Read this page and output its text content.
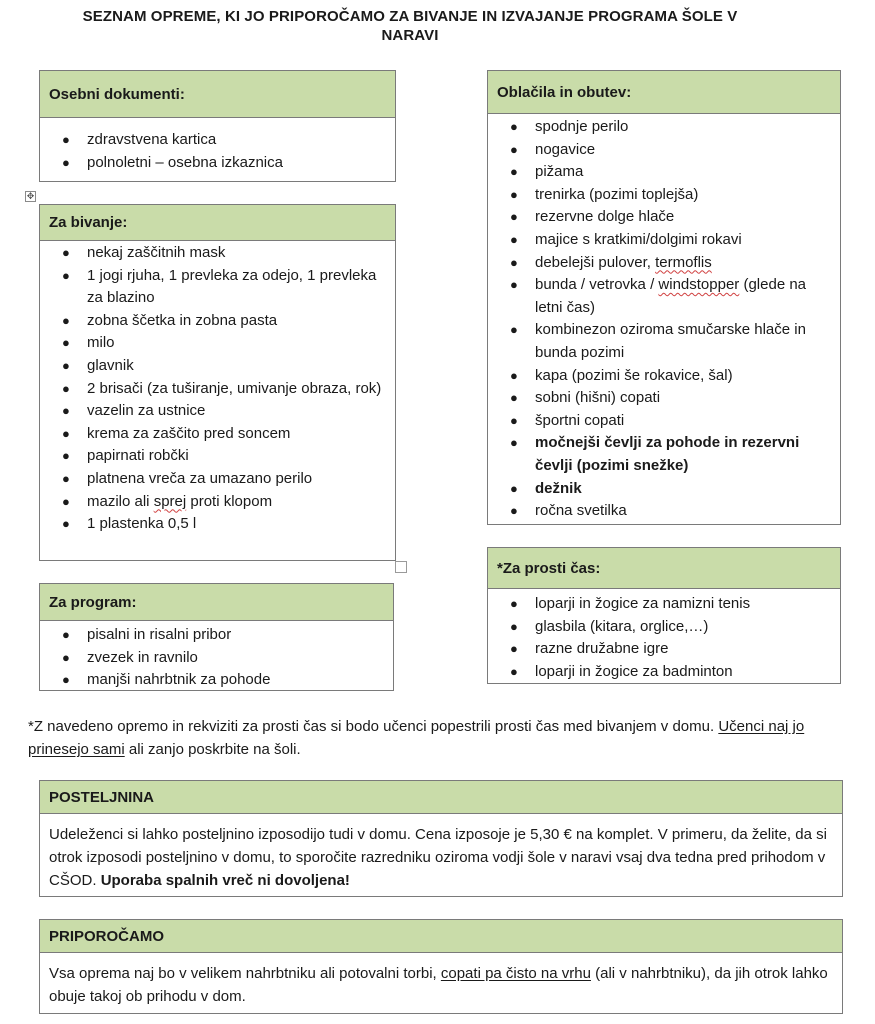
SEZNAM OPREME, KI JO PRIPOROČAMO ZA BIVANJE IN IZVAJANJE PROGRAMA ŠOLE V
NARAVI
Osebni dokumenti:
● zdravstvena kartica
● polnoletni – osebna izkaznica
✥
Za bivanje:
● nekaj zaščitnih mask
● 1 jogi rjuha, 1 prevleka za odejo, 1 prevleka za blazino
● zobna ščetka in zobna pasta
● milo
● glavnik
● 2 brisači (za tuširanje, umivanje obraza, rok)
● vazelin za ustnice
● krema za zaščito pred soncem
● papirnati robčki
● platnena vreča za umazano perilo
● mazilo ali sprej proti klopom
● 1 plastenka 0,5 l
Za program:
● pisalni in risalni pribor
● zvezek in ravnilo
● manjši nahrbtnik za pohode
Oblačila in obutev:
● spodnje perilo
● nogavice
● pižama
● trenirka (pozimi toplejša)
● rezervne dolge hlače
● majice s kratkimi/dolgimi rokavi
● debelejši pulover, termoflis
● bunda / vetrovka / windstopper (glede na letni čas)
● kombinezon oziroma smučarske hlače in bunda pozimi
● kapa (pozimi še rokavice, šal)
● sobni (hišni) copati
● športni copati
● močnejši čevlji za pohode in rezervni čevlji (pozimi snežke)
● dežnik
● ročna svetilka
*Za prosti čas:
● loparji in žogice za namizni tenis
● glasbila (kitara, orglice,…)
● razne družabne igre
● loparji in žogice za badminton
*Z navedeno opremo in rekviziti za prosti čas si bodo učenci popestrili prosti čas med bivanjem v domu. Učenci naj jo prinesejo sami ali zanjo poskrbite na šoli.
POSTELJNINA
Udeleženci si lahko posteljnino izposodijo tudi v domu. Cena izposoje je 5,30 € na komplet. V primeru, da želite, da si otrok izposodi posteljnino v domu, to sporočite razredniku oziroma vodji šole v naravi vsaj dva tedna pred prihodom v CŠOD. Uporaba spalnih vreč ni dovoljena!
PRIPOROČAMO
Vsa oprema naj bo v velikem nahrbtniku ali potovalni torbi, copati pa čisto na vrhu (ali v nahrbtniku), da jih otrok lahko obuje takoj ob prihodu v dom.
